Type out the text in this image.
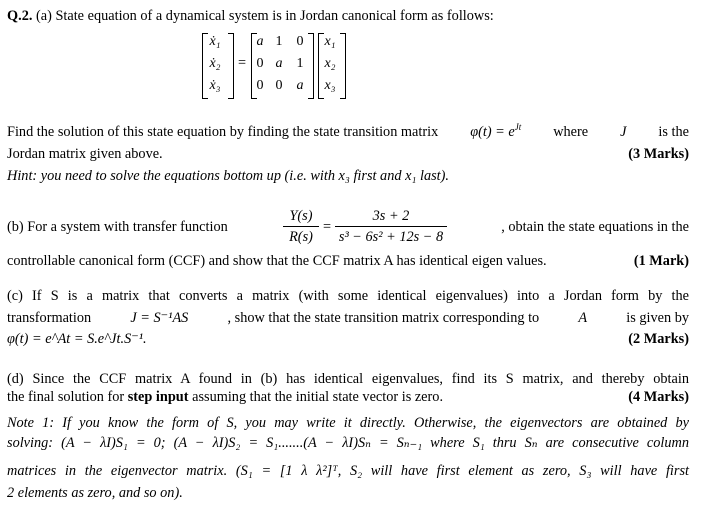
Q.2. (a) State equation of a dynamical system is in Jordan canonical form as follows:
ẋ₁
ẋ₂
ẋ₃
=
a 1	0
0 a	1
0 0	a
x₁
x₂
x₃
Find the solution of this state equation by finding the state transition matrix $\varphi(t) = e^{Jt}$ where J is the
Jordan matrix given above.	(3 Marks)
Hint: you need to solve the equations bottom up (i.e. with x₃ first and x₁ last).
(b) For a system with transfer function
Y(s)
R(s)
=
3s + 2
s³ − 6s² + 12s − 8
, obtain the state equations in the
controllable canonical form (CCF) and show that the CCF matrix A has identical eigen values.	(1 Mark)
(c) If S is a matrix that converts a matrix (with some identical eigenvalues) into a Jordan form by the
transformation	J = S⁻¹AS	, show that the state transition matrix corresponding to	A	is given by
φ(t) = e^At = S.e^Jt.S⁻¹.	(2 Marks)
(d) Since the CCF matrix A found in (b) has identical eigenvalues, find its S matrix, and thereby obtain
the final solution for step input assuming that the initial state vector is zero.	(4 Marks)
Note 1: If you know the form of S, you may write it directly. Otherwise, the eigenvectors are obtained by
solving: (A − λI)S₁ = 0; (A − λI)S₂ = S₁.......(A − λI)Sₙ = Sₙ₋₁ where S₁ thru Sₙ are consecutive column
matrices in the eigenvector matrix. (S₁ = [1 λ λ²]ᵀ, S₂ will have first element as zero, S₃ will have first
2 elements as zero, and so on).
